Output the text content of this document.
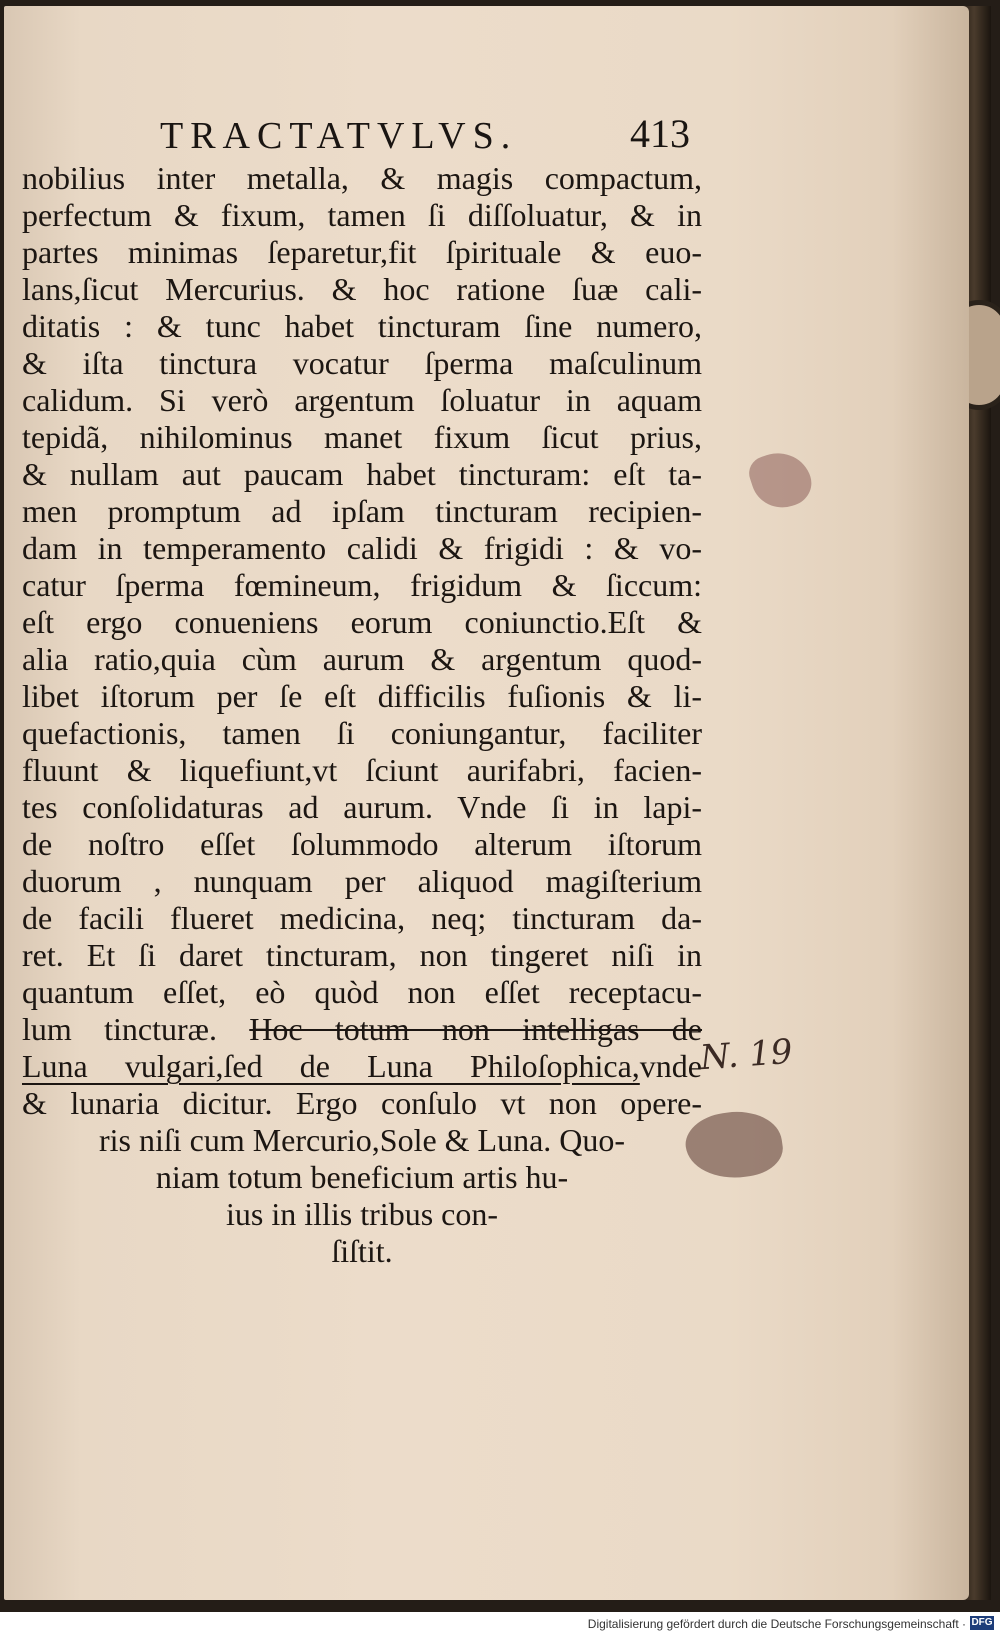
TRACTATVLVS.	413
nobilius inter metalla, & magis compactum,
perfectum & fixum, tamen ſi diſſoluatur, & in
partes minimas ſeparetur,fit ſpirituale & euo-
lans,ſicut Mercurius. & hoc ratione ſuæ cali-
ditatis : & tunc habet tincturam ſine numero,
& iſta tinctura vocatur ſperma maſculinum
calidum. Si verò argentum ſoluatur in aquam
tepidã, nihilominus manet fixum ſicut prius,
& nullam aut paucam habet tincturam: eſt ta-
men promptum ad ipſam tincturam recipien-
dam in temperamento calidi & frigidi : & vo-
catur ſperma fœmineum, frigidum & ſiccum:
eſt ergo conueniens eorum coniunctio.Eſt &
alia ratio,quia cùm aurum & argentum quod-
libet iſtorum per ſe eſt difficilis fuſionis & li-
quefactionis, tamen ſi coniungantur, faciliter
fluunt & liquefiunt,vt ſciunt aurifabri, facien-
tes conſolidaturas ad aurum. Vnde ſi in lapi-
de noſtro eſſet ſolummodo alterum iſtorum
duorum , nunquam per aliquod magiſterium
de facili flueret medicina, neq; tincturam da-
ret. Et ſi daret tincturam, non tingeret niſi in
quantum eſſet, eò quòd non eſſet receptacu-
lum tincturæ. Hoc totum non intelligas de
Luna vulgari,ſed de Luna Philoſophica,vnde
& lunaria dicitur. Ergo conſulo vt non opere-
ris niſi cum Mercurio,Sole & Luna. Quo-
niam totum beneficium artis hu-
ius in illis tribus con-
ſiſtit.
N. 19
Digitalisierung gefördert durch die Deutsche Forschungsgemeinschaft · DFG
